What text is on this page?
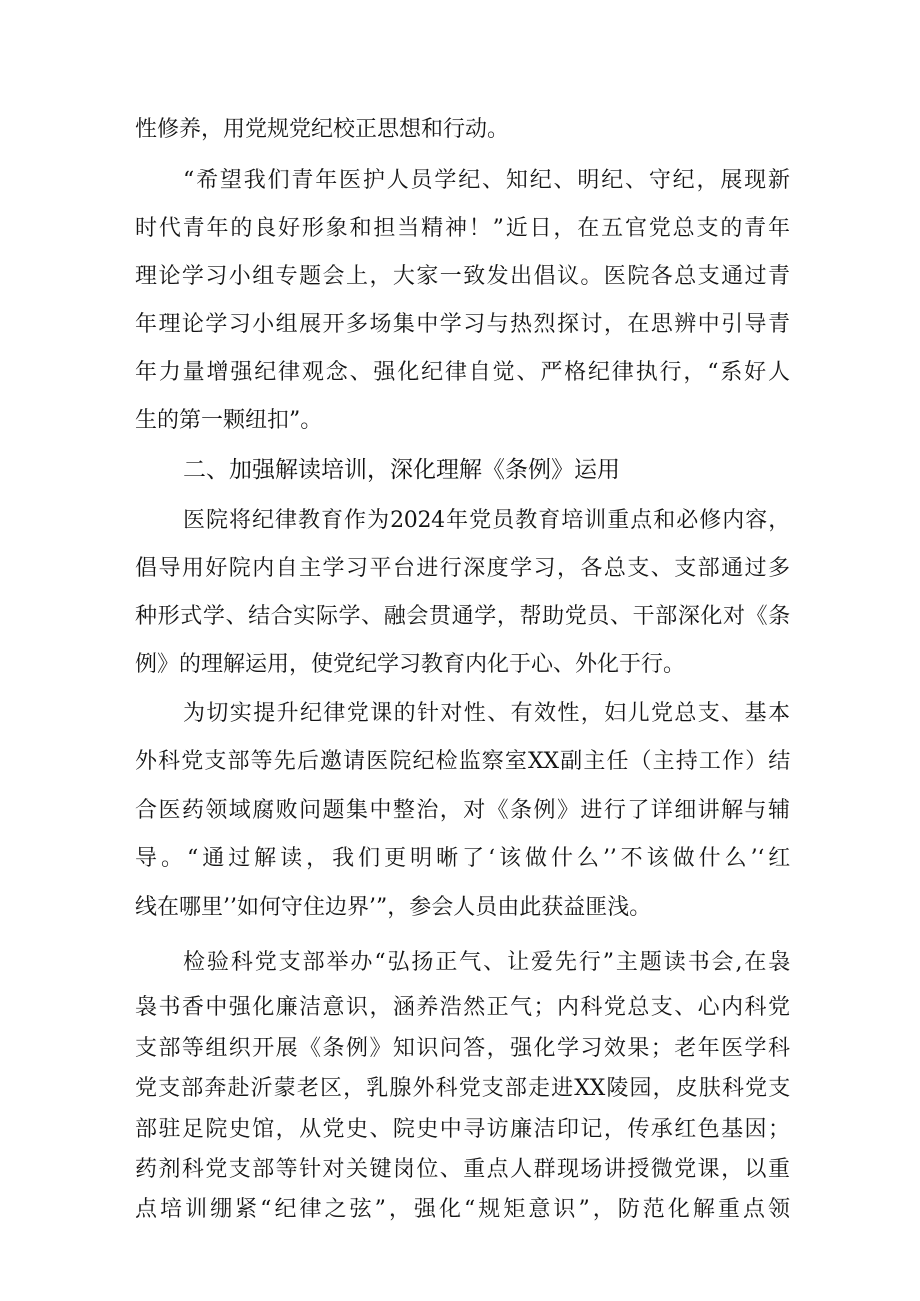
性修养，用党规党纪校正思想和行动。
“希望我们青年医护人员学纪、知纪、明纪、守纪，展现新
时代青年的良好形象和担当精神！”近日，在五官党总支的青年
理论学习小组专题会上，大家一致发出倡议。医院各总支通过青
年理论学习小组展开多场集中学习与热烈探讨，在思辨中引导青
年力量增强纪律观念、强化纪律自觉、严格纪律执行，“系好人
生的第一颗纽扣”。
二、加强解读培训，深化理解《条例》运用
医院将纪律教育作为2024年党员教育培训重点和必修内容，
倡导用好院内自主学习平台进行深度学习，各总支、支部通过多
种形式学、结合实际学、融会贯通学，帮助党员、干部深化对《条
例》的理解运用，使党纪学习教育内化于心、外化于行。
为切实提升纪律党课的针对性、有效性，妇儿党总支、基本
外科党支部等先后邀请医院纪检监察室XX副主任（主持工作）结
合医药领域腐败问题集中整治，对《条例》进行了详细讲解与辅
导。“通过解读，我们更明晰了‘该做什么’’不该做什么’‘红
线在哪里’’如何守住边界’”，参会人员由此获益匪浅。
检验科党支部举办“弘扬正气、让爱先行”主题读书会,在袅
袅书香中强化廉洁意识，涵养浩然正气；内科党总支、心内科党
支部等组织开展《条例》知识问答，强化学习效果；老年医学科
党支部奔赴沂蒙老区，乳腺外科党支部走进XX陵园，皮肤科党支
部驻足院史馆，从党史、院史中寻访廉洁印记，传承红色基因；
药剂科党支部等针对关键岗位、重点人群现场讲授微党课，以重
点培训绷紧“纪律之弦”，强化“规矩意识”，防范化解重点领
